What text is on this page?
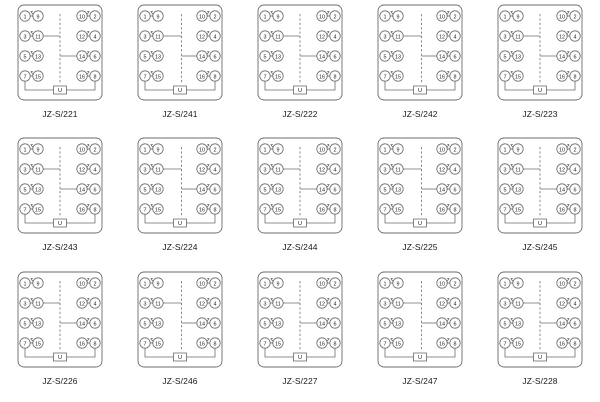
1	2
9	10
3	4
11	12
5	6
13	14
7	8
15	16
U
JZ-S/221
1	2
9	10
3	4
11	12
5	6
13	14
7	8
15	16
U
JZ-S/241
1	2
9	10
3	4
11	12
5	6
13	14
7	8
15	16
U
JZ-S/222
1	2
9	10
3	4
11	12
5	6
13	14
7	8
15	16
U
JZ-S/242
1	2
9	10
3	4
11	12
5	6
13	14
7	8
15	16
U
JZ-S/223
1	2
9	10
3	4
11	12
5	6
13	14
7	8
15	16
U
JZ-S/243
1	2
9	10
3	4
11	12
5	6
13	14
7	8
15	16
U
JZ-S/224
1	2
9	10
3	4
11	12
5	6
13	14
7	8
15	16
U
JZ-S/244
1	2
9	10
3	4
11	12
5	6
13	14
7	8
15	16
U
JZ-S/225
1	2
9	10
3	4
11	12
5	6
13	14
7	8
15	16
U
JZ-S/245
1	2
9	10
3	4
11	12
5	6
13	14
7	8
15	16
U
JZ-S/226
1	2
9	10
3	4
11	12
5	6
13	14
7	8
15	16
U
JZ-S/246
1	2
9	10
3	4
11	12
5	6
13	14
7	8
15	16
U
JZ-S/227
1	2
9	10
3	4
11	12
5	6
13	14
7	8
15	16
U
JZ-S/247
1	2
9	10
3	4
11	12
5	6
13	14
7	8
15	16
U
JZ-S/228
